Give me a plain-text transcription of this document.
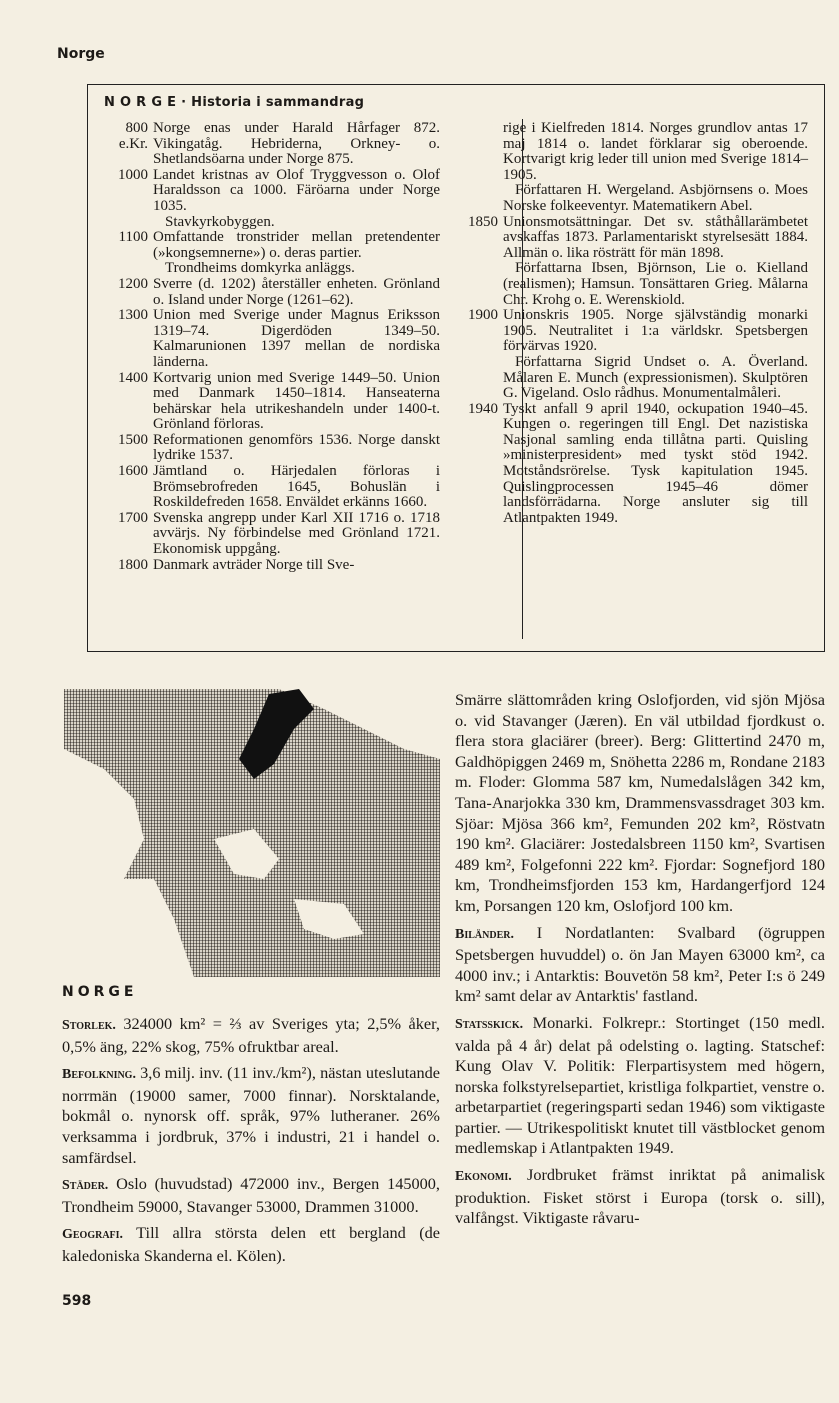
Norge
N O R G E · Historia i sammandrag
800 e.Kr.

Norge enas under Harald Hårfager 872. Vikingatåg. Hebriderna, Orkney- o. Shetlandsöarna under Norge 875.

1000 Landet kristnas av Olof Tryggvesson o. Olof Haraldsson ca 1000. Färöarna under Norge 1035.

Stavkyrkobyggen.

1100 Omfattande tronstrider mellan pretendenter (»kongsemnerne») o. deras partier.

Trondheims domkyrka anläggs.

1200 Sverre (d. 1202) återställer enheten. Grönland o. Island under Norge (1261–62).

1300 Union med Sverige under Magnus Eriksson 1319–74. Digerdöden 1349–50. Kalmarunionen 1397 mellan de nordiska länderna.

1400 Kortvarig union med Sverige 1449–50. Union med Danmark 1450–1814. Hanseaterna behärskar hela utrikeshandeln under 1400-t. Grönland förloras.

1500 Reformationen genomförs 1536. Norge danskt lydrike 1537.

1600 Jämtland o. Härjedalen förloras i Brömsebrofreden 1645, Bohuslän i Roskildefreden 1658. Enväldet erkänns 1660.

1700 Svenska angrepp under Karl XII 1716 o. 1718 avvärjs. Ny förbindelse med Grönland 1721. Ekonomisk uppgång.

1800 Danmark avträder Norge till Sve-

rige i Kielfreden 1814. Norges grundlov antas 17 maj 1814 o. landet förklarar sig oberoende. Kortvarigt krig leder till union med Sverige 1814–1905.

Författaren H. Wergeland. Asbjörnsens o. Moes Norske folkeeventyr. Matematikern Abel.

1850 Unionsmotsättningar. Det sv. ståthållarämbetet avskaffas 1873. Parlamentariskt styrelsesätt 1884. Allmän o. lika rösträtt för män 1898.

Författarna Ibsen, Björnson, Lie o. Kielland (realismen); Hamsun. Tonsättaren Grieg. Målarna Chr. Krohg o. E. Werenskiold.

1900 Unionskris 1905. Norge självständig monarki 1905. Neutralitet i 1:a världskr. Spetsbergen förvärvas 1920.

Författarna Sigrid Undset o. A. Överland. Målaren E. Munch (expressionismen). Skulptören G. Vigeland. Oslo rådhus. Monumentalmåleri.

1940 Tyskt anfall 9 april 1940, ockupation 1940–45. Kungen o. regeringen till Engl. Det nazistiska Nasjonal samling enda tillåtna parti. Quisling »ministerpresident» med tyskt stöd 1942. Motståndsrörelse. Tysk kapitulation 1945. Quislingprocessen 1945–46 dömer landsförrädarna. Norge ansluter sig till Atlantpakten 1949.

NORGE

Storlek. 324000 km² = ⅔ av Sveriges yta; 2,5% åker, 0,5% äng, 22% skog, 75% ofruktbar areal.

Befolkning. 3,6 milj. inv. (11 inv./km²), nästan uteslutande norrmän (19000 samer, 7000 finnar). Norsktalande, bokmål o. nynorsk off. språk, 97% lutheraner. 26% verksamma i jordbruk, 37% i industri, 21 i handel o. samfärdsel.

Städer. Oslo (huvudstad) 472000 inv., Bergen 145000, Trondheim 59000, Stavanger 53000, Drammen 31000.

Geografi. Till allra största delen ett bergland (de kaledoniska Skanderna el. Kölen).

Smärre slättområden kring Oslofjorden, vid sjön Mjösa o. vid Stavanger (Jæren). En väl utbildad fjordkust o. flera stora glaciärer (breer). Berg: Glittertind 2470 m, Galdhöpiggen 2469 m, Snöhetta 2286 m, Rondane 2183 m. Floder: Glomma 587 km, Numedalslågen 342 km, Tana-Anarjokka 330 km, Drammensvassdraget 303 km. Sjöar: Mjösa 366 km², Femunden 202 km², Röstvatn 190 km². Glaciärer: Jostedalsbreen 1150 km², Svartisen 489 km², Folgefonni 222 km². Fjordar: Sognefjord 180 km, Trondheimsfjorden 153 km, Hardangerfjord 124 km, Porsangen 120 km, Oslofjord 100 km.

Biländer. I Nordatlanten: Svalbard (ögruppen Spetsbergen huvuddel) o. ön Jan Mayen 63000 km², ca 4000 inv.; i Antarktis: Bouvetön 58 km², Peter I:s ö 249 km² samt delar av Antarktis' fastland.

Statsskick. Monarki. Folkrepr.: Stortinget (150 medl. valda på 4 år) delat på odelsting o. lagting. Statschef: Kung Olav V. Politik: Flerpartisystem med högern, norska folkstyrelsepartiet, kristliga folkpartiet, venstre o. arbetarpartiet (regeringsparti sedan 1946) som viktigaste partier. — Utrikespolitiskt knutet till västblocket genom medlemskap i Atlantpakten 1949.

Ekonomi. Jordbruket främst inriktat på animalisk produktion. Fisket störst i Europa (torsk o. sill), valfångst. Viktigaste råvaru-

598
